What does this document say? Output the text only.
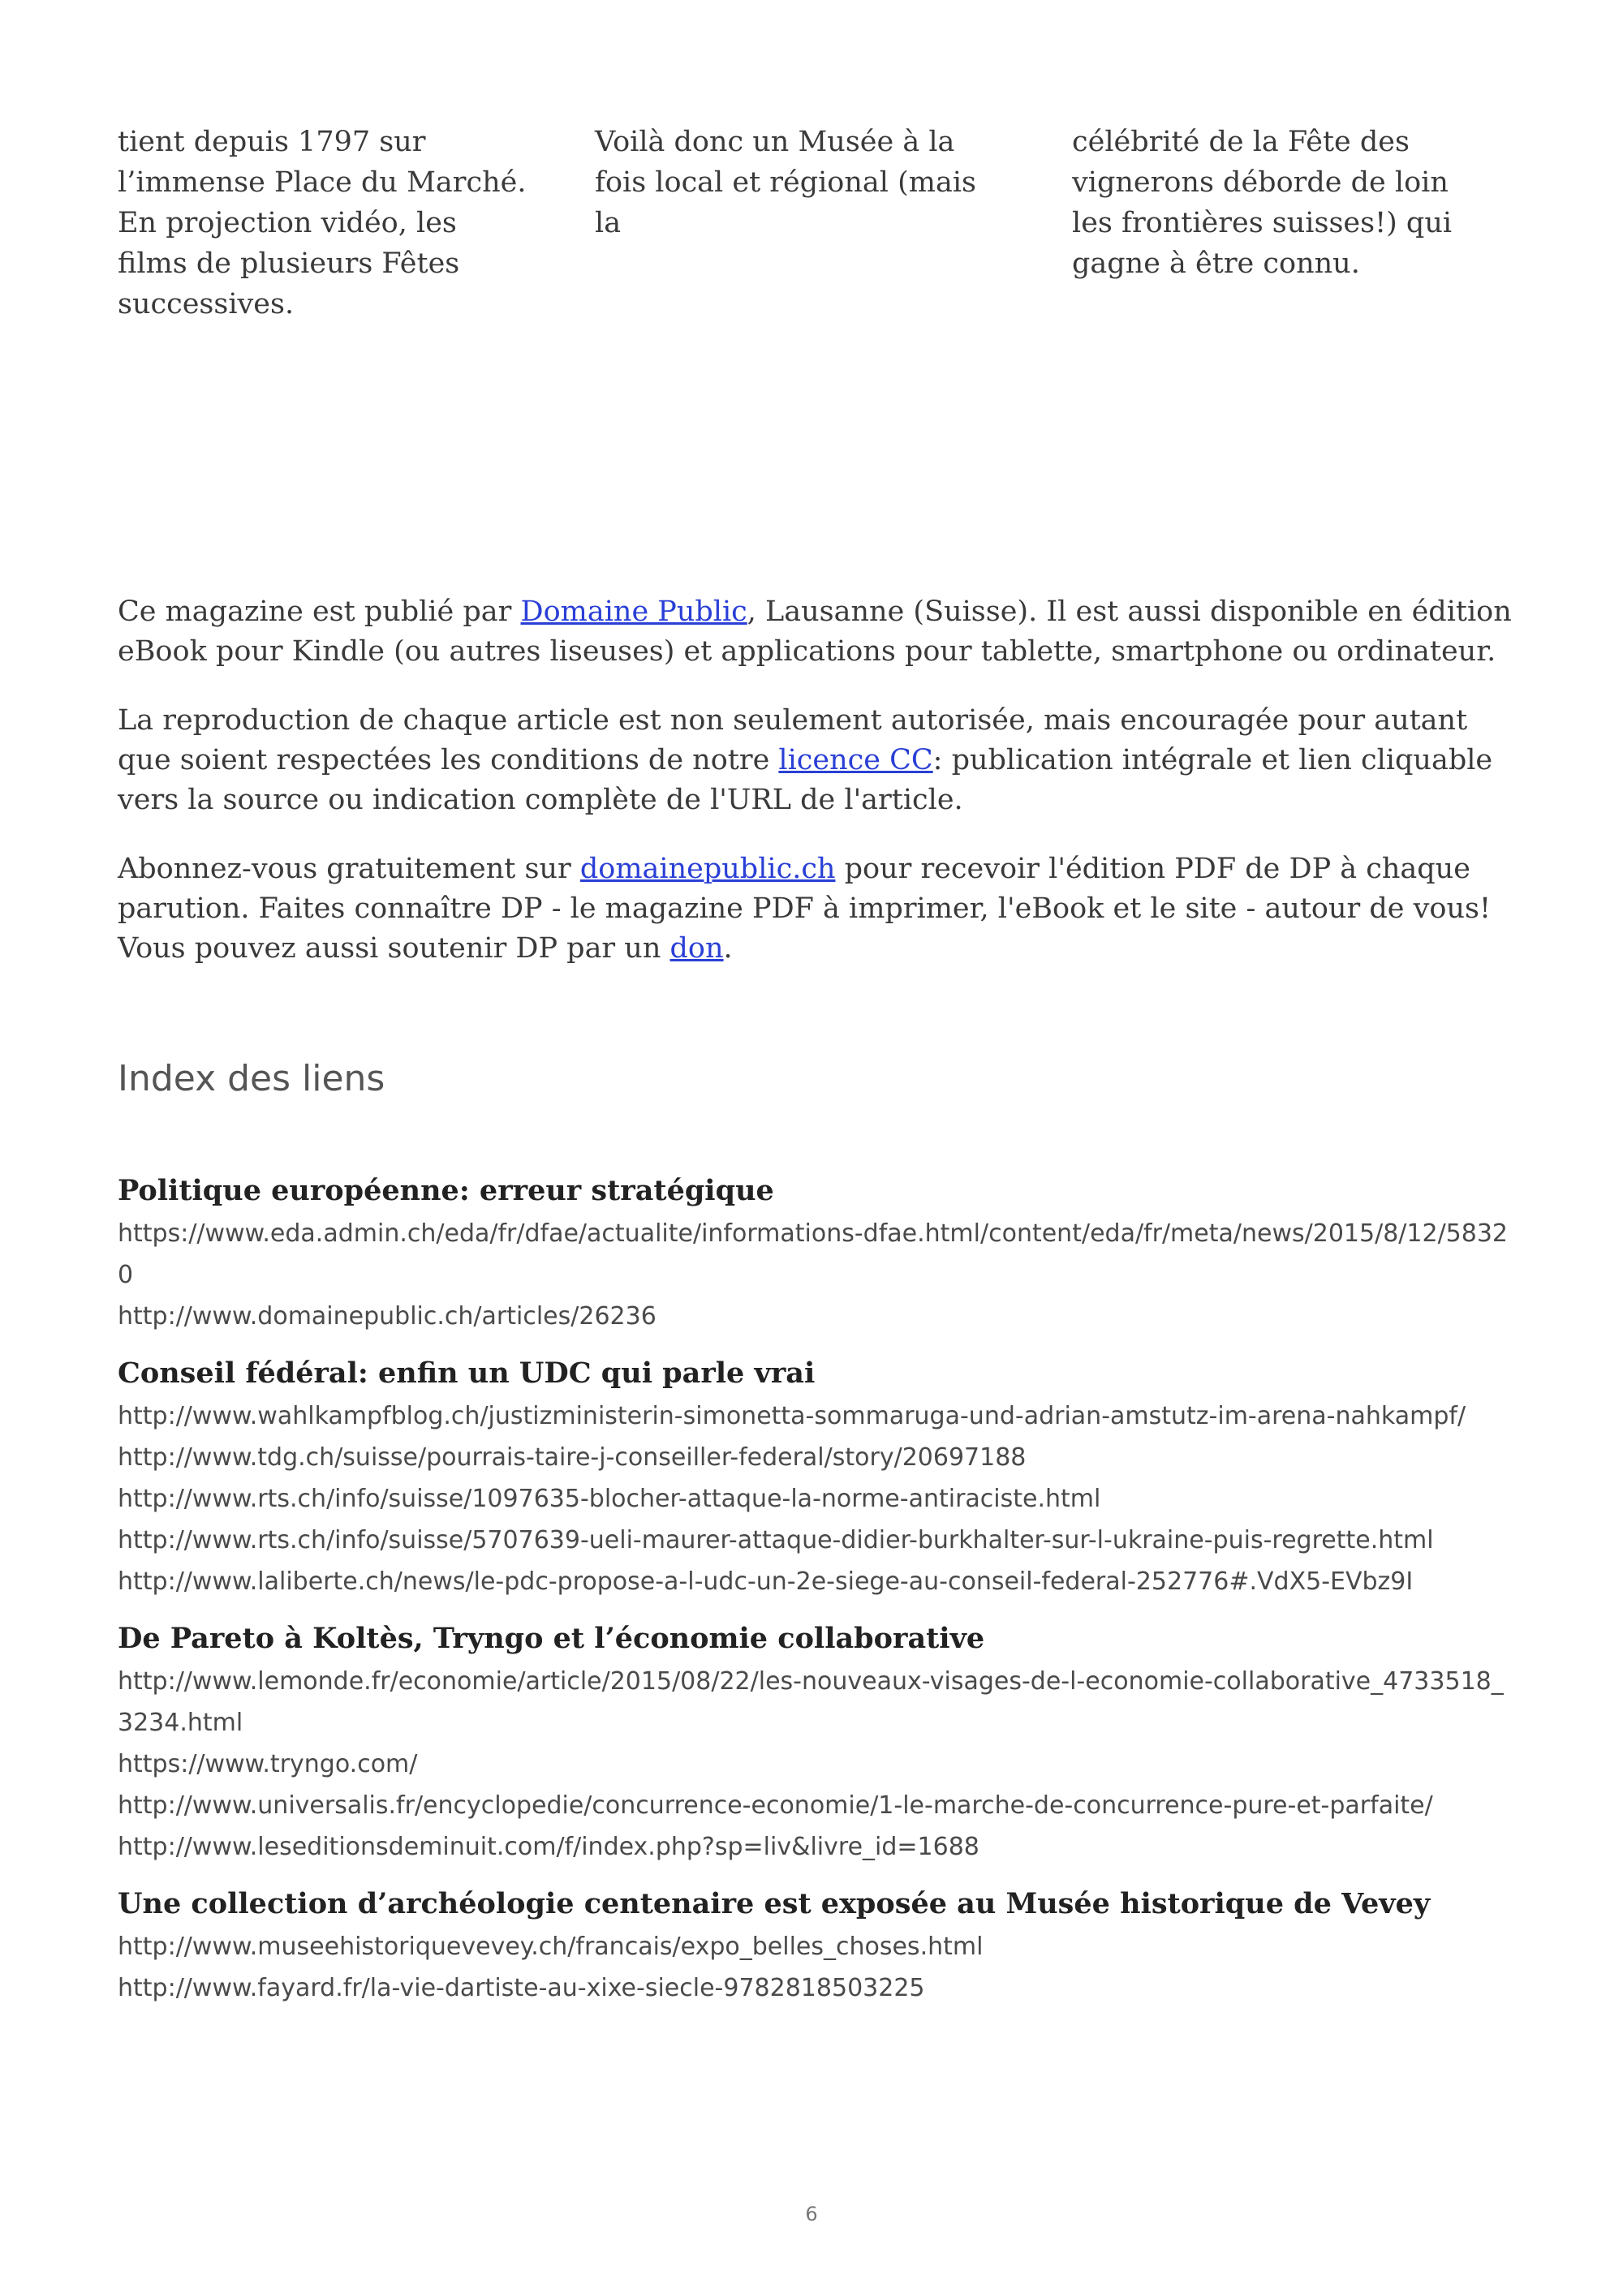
tient depuis 1797 sur l’immense Place du Marché. En projection vidéo, les films de plusieurs Fêtes successives.
Voilà donc un Musée à la fois local et régional (mais la
célébrité de la Fête des vignerons déborde de loin les frontières suisses!) qui gagne à être connu.

Ce magazine est publié par Domaine Public, Lausanne (Suisse). Il est aussi disponible en édition eBook pour Kindle (ou autres liseuses) et applications pour tablette, smartphone ou ordinateur.

La reproduction de chaque article est non seulement autorisée, mais encouragée pour autant que soient respectées les conditions de notre licence CC: publication intégrale et lien cliquable vers la source ou indication complète de l'URL de l'article.

Abonnez-vous gratuitement sur domainepublic.ch pour recevoir l'édition PDF de DP à chaque parution. Faites connaître DP - le magazine PDF à imprimer, l'eBook et le site - autour de vous! Vous pouvez aussi soutenir DP par un don.

Index des liens
Politique européenne: erreur stratégique
https://www.eda.admin.ch/eda/fr/dfae/actualite/informations-dfae.html/content/eda/fr/meta/news/2015/8/12/58320
http://www.domainepublic.ch/articles/26236
Conseil fédéral: enfin un UDC qui parle vrai
http://www.wahlkampfblog.ch/justizministerin-simonetta-sommaruga-und-adrian-amstutz-im-arena-nahkampf/
http://www.tdg.ch/suisse/pourrais-taire-j-conseiller-federal/story/20697188
http://www.rts.ch/info/suisse/1097635-blocher-attaque-la-norme-antiraciste.html
http://www.rts.ch/info/suisse/5707639-ueli-maurer-attaque-didier-burkhalter-sur-l-ukraine-puis-regrette.html
http://www.laliberte.ch/news/le-pdc-propose-a-l-udc-un-2e-siege-au-conseil-federal-252776#.VdX5-EVbz9I
De Pareto à Koltès, Tryngo et l’économie collaborative
http://www.lemonde.fr/economie/article/2015/08/22/les-nouveaux-visages-de-l-economie-collaborative_4733518_3234.html
https://www.tryngo.com/
http://www.universalis.fr/encyclopedie/concurrence-economie/1-le-marche-de-concurrence-pure-et-parfaite/
http://www.leseditionsdeminuit.com/f/index.php?sp=liv&livre_id=1688
Une collection d’archéologie centenaire est exposée au Musée historique de Vevey
http://www.museehistoriquevevey.ch/francais/expo_belles_choses.html
http://www.fayard.fr/la-vie-dartiste-au-xixe-siecle-9782818503225
6
